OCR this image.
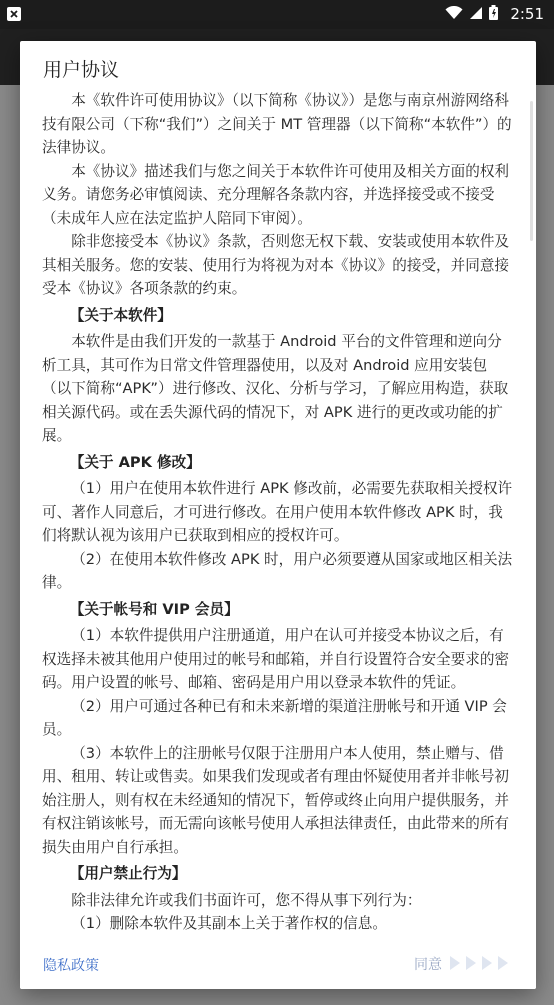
2:51
用户协议

本《软件许可使用协议》（以下简称《协议》）是您与南京州游网络科技有限公司（下称“我们”）之间关于 MT 管理器（以下简称“本软件”）的法律协议。

本《协议》描述我们与您之间关于本软件许可使用及相关方面的权利义务。请您务必审慎阅读、充分理解各条款内容，并选择接受或不接受（未成年人应在法定监护人陪同下审阅）。

除非您接受本《协议》条款，否则您无权下载、安装或使用本软件及其相关服务。您的安装、使用行为将视为对本《协议》的接受，并同意接受本《协议》各项条款的约束。

【关于本软件】

本软件是由我们开发的一款基于 Android 平台的文件管理和逆向分析工具，其可作为日常文件管理器使用，以及对 Android 应用安装包（以下简称“APK”）进行修改、汉化、分析与学习，了解应用构造，获取相关源代码。或在丢失源代码的情况下，对 APK 进行的更改或功能的扩展。

【关于 APK 修改】

（1）用户在使用本软件进行 APK 修改前，必需要先获取相关授权许可、著作人同意后，才可进行修改。在用户使用本软件修改 APK 时，我们将默认视为该用户已获取到相应的授权许可。

（2）在使用本软件修改 APK 时，用户必须要遵从国家或地区相关法律。

【关于帐号和 VIP 会员】

（1）本软件提供用户注册通道，用户在认可并接受本协议之后，有权选择未被其他用户使用过的帐号和邮箱，并自行设置符合安全要求的密码。用户设置的帐号、邮箱、密码是用户用以登录本软件的凭证。

（2）用户可通过各种已有和未来新增的渠道注册帐号和开通 VIP 会员。

（3）本软件上的注册帐号仅限于注册用户本人使用，禁止赠与、借用、租用、转让或售卖。如果我们发现或者有理由怀疑使用者并非帐号初始注册人，则有权在未经通知的情况下，暂停或终止向用户提供服务，并有权注销该帐号，而无需向该帐号使用人承担法律责任，由此带来的所有损失由用户自行承担。

【用户禁止行为】

除非法律允许或我们书面许可，您不得从事下列行为：

（1）删除本软件及其副本上关于著作权的信息。

隐私政策	同意
